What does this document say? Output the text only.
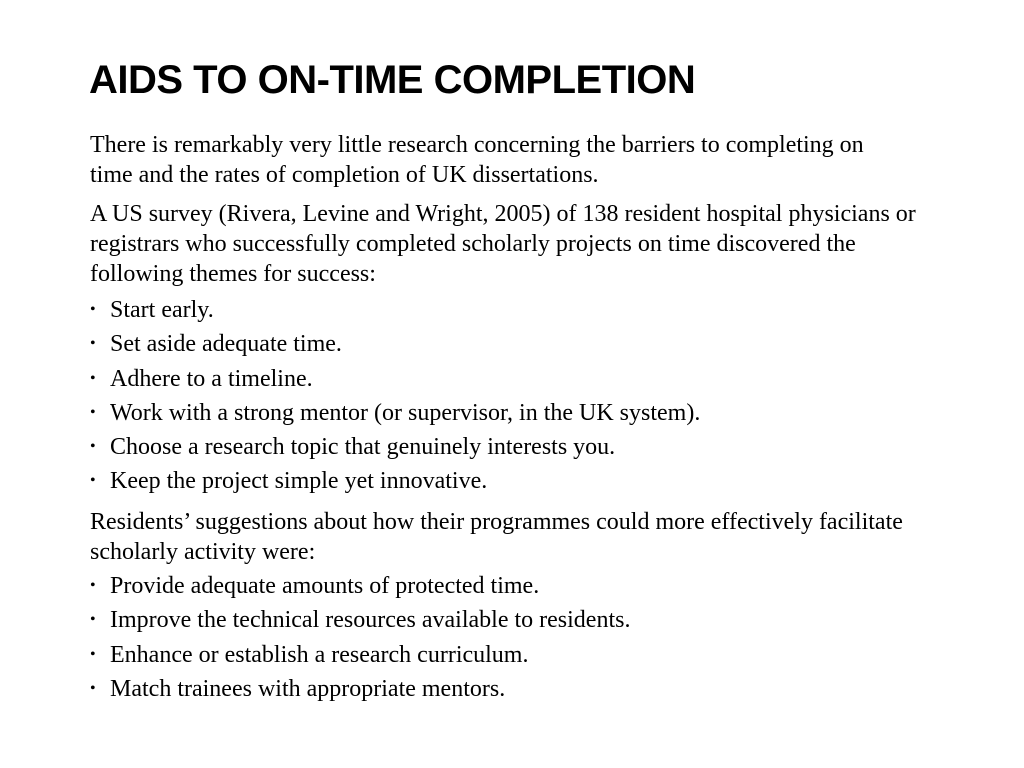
AIDS TO ON-TIME COMPLETION

There is remarkably very little research concerning the barriers to completing on time and the rates of completion of UK dissertations.

A US survey (Rivera, Levine and Wright, 2005) of 138 resident hospital physicians or registrars who successfully completed scholarly projects on time discovered the following themes for success:

• Start early.
• Set aside adequate time.
• Adhere to a timeline.
• Work with a strong mentor (or supervisor, in the UK system).
• Choose a research topic that genuinely interests you.
• Keep the project simple yet innovative.

Residents’ suggestions about how their programmes could more effectively facilitate scholarly activity were:

• Provide adequate amounts of protected time.
• Improve the technical resources available to residents.
• Enhance or establish a research curriculum.
• Match trainees with appropriate mentors.
